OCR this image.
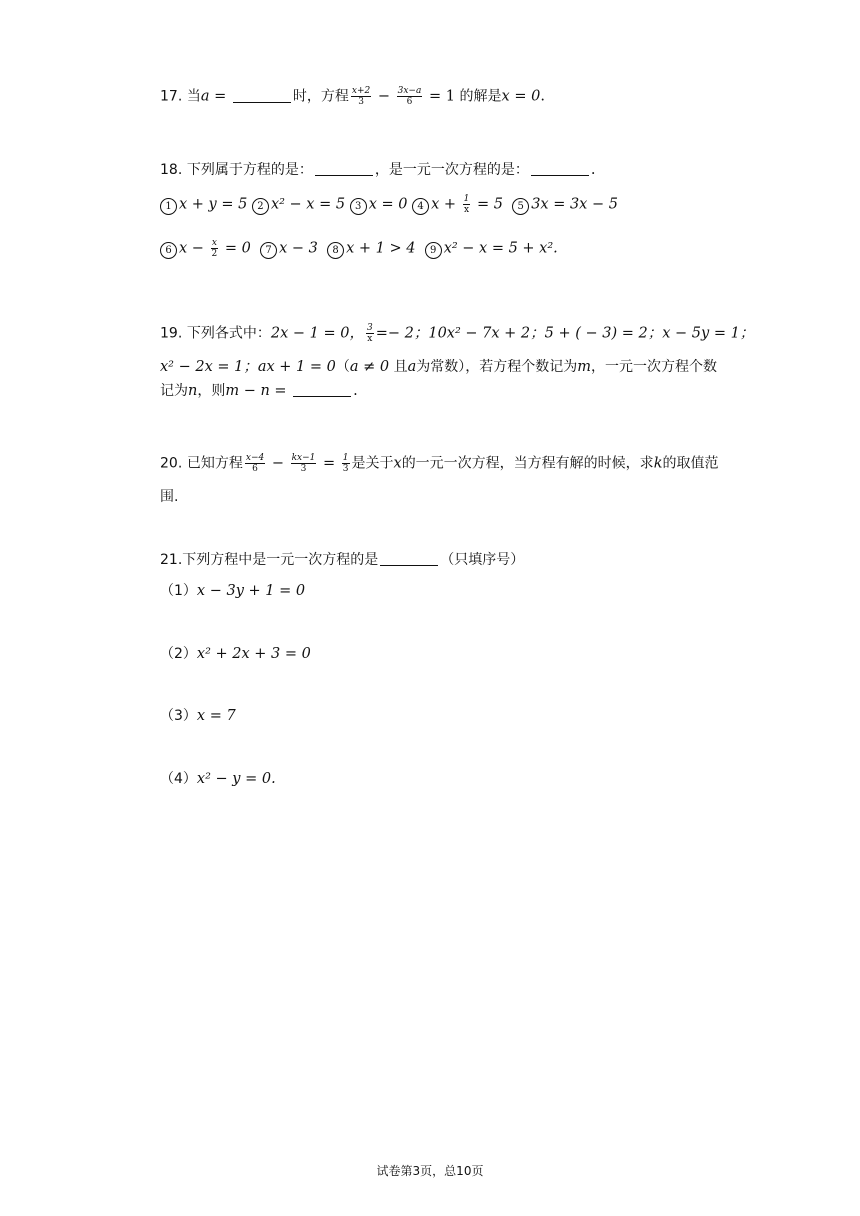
17. 当a =	时，方程 $\frac{x+2}{3} - \frac{3x-a}{6} = 1$ 的解是x = 0.
18. 下列属于方程的是：	，是一元一次方程的是：	.
1 x + y = 5 2 x² − x = 5 3 x = 0 4 $x + \frac{1}{x} = 5$ 5 3x = 3x − 5
6 $x - \frac{x}{2} = 0$ 7 x − 3 8 x + 1 > 4 9 x² − x = 5 + x².
19. 下列各式中：2x − 1 = 0， $\frac{3}{x} =- 2$；10x² − 7x + 2；5 + ( − 3) = 2；x − 5y = 1；
x² − 2x = 1；ax + 1 = 0（a ≠ 0 且a为常数），若方程个数记为m，一元一次方程个数
记为n，则m − n =	.
20. 已知方程 $\frac{x-4}{6} - \frac{kx-1}{3} = \frac{1}{3}$ 是关于x的一元一次方程，当方程有解的时候，求k的取值范
围.
21.下列方程中是一元一次方程的是	（只填序号）
（1）x − 3y + 1 = 0
（2）x² + 2x + 3 = 0
（3）x = 7
（4）x² − y = 0.
试卷第3页，总10页
